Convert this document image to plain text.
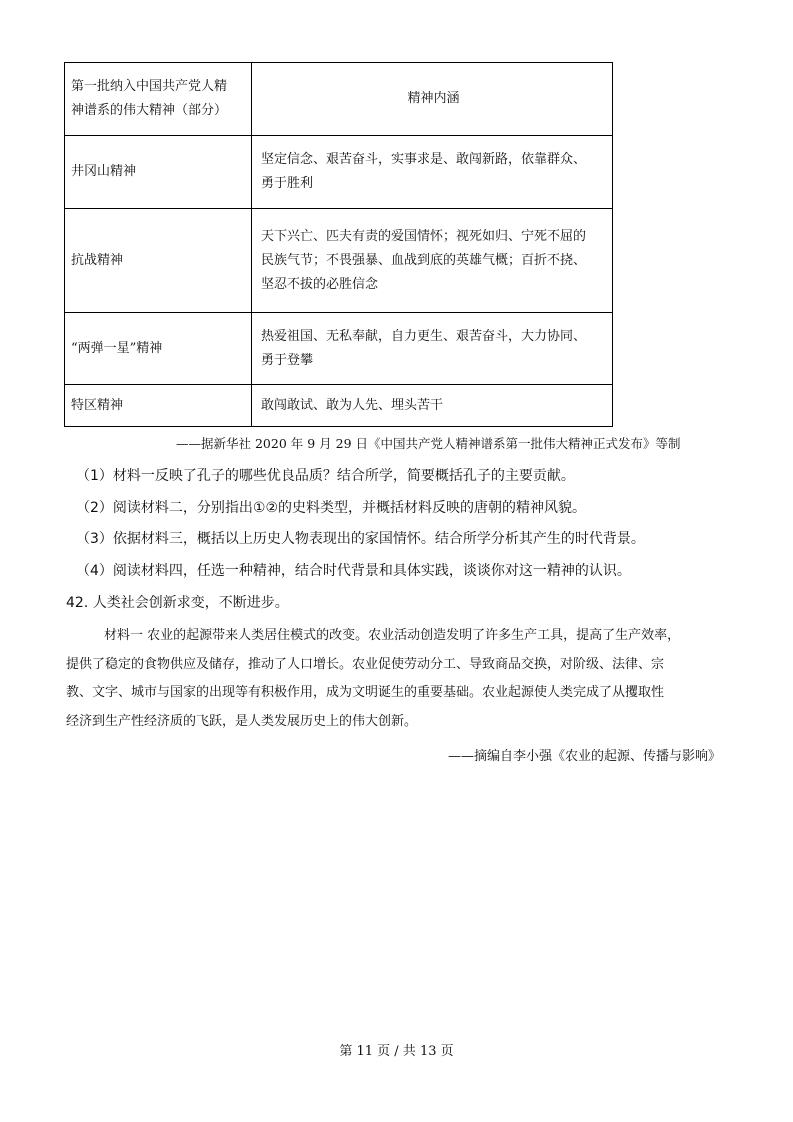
第一批纳入中国共产党人精
神谱系的伟大精神（部分）	精神内涵
井冈山精神	坚定信念、艰苦奋斗，实事求是、敢闯新路，依靠群众、
勇于胜利

抗战精神	天下兴亡、匹夫有责的爱国情怀；视死如归、宁死不屈的
民族气节；不畏强暴、血战到底的英雄气概；百折不挠、
坚忍不拔的必胜信念

“两弹一星”精神	热爱祖国、无私奉献，自力更生、艰苦奋斗，大力协同、
勇于登攀

特区精神	敢闯敢试、敢为人先、埋头苦干
——据新华社 2020 年 9 月 29 日《中国共产党人精神谱系第一批伟大精神正式发布》等制
（1）材料一反映了孔子的哪些优良品质？结合所学，简要概括孔子的主要贡献。
（2）阅读材料二，分别指出①②的史料类型，并概括材料反映的唐朝的精神风貌。
（3）依据材料三，概括以上历史人物表现出的家国情怀。结合所学分析其产生的时代背景。
（4）阅读材料四，任选一种精神，结合时代背景和具体实践，谈谈你对这一精神的认识。
42. 人类社会创新求变，不断进步。
材料一 农业的起源带来人类居住模式的改变。农业活动创造发明了许多生产工具，提高了生产效率，
提供了稳定的食物供应及储存，推动了人口增长。农业促使劳动分工、导致商品交换，对阶级、法律、宗
教、文字、城市与国家的出现等有积极作用，成为文明诞生的重要基础。农业起源使人类完成了从攫取性
经济到生产性经济质的飞跃，是人类发展历史上的伟大创新。
——摘编自李小强《农业的起源、传播与影响》
第 11 页 / 共 13 页
